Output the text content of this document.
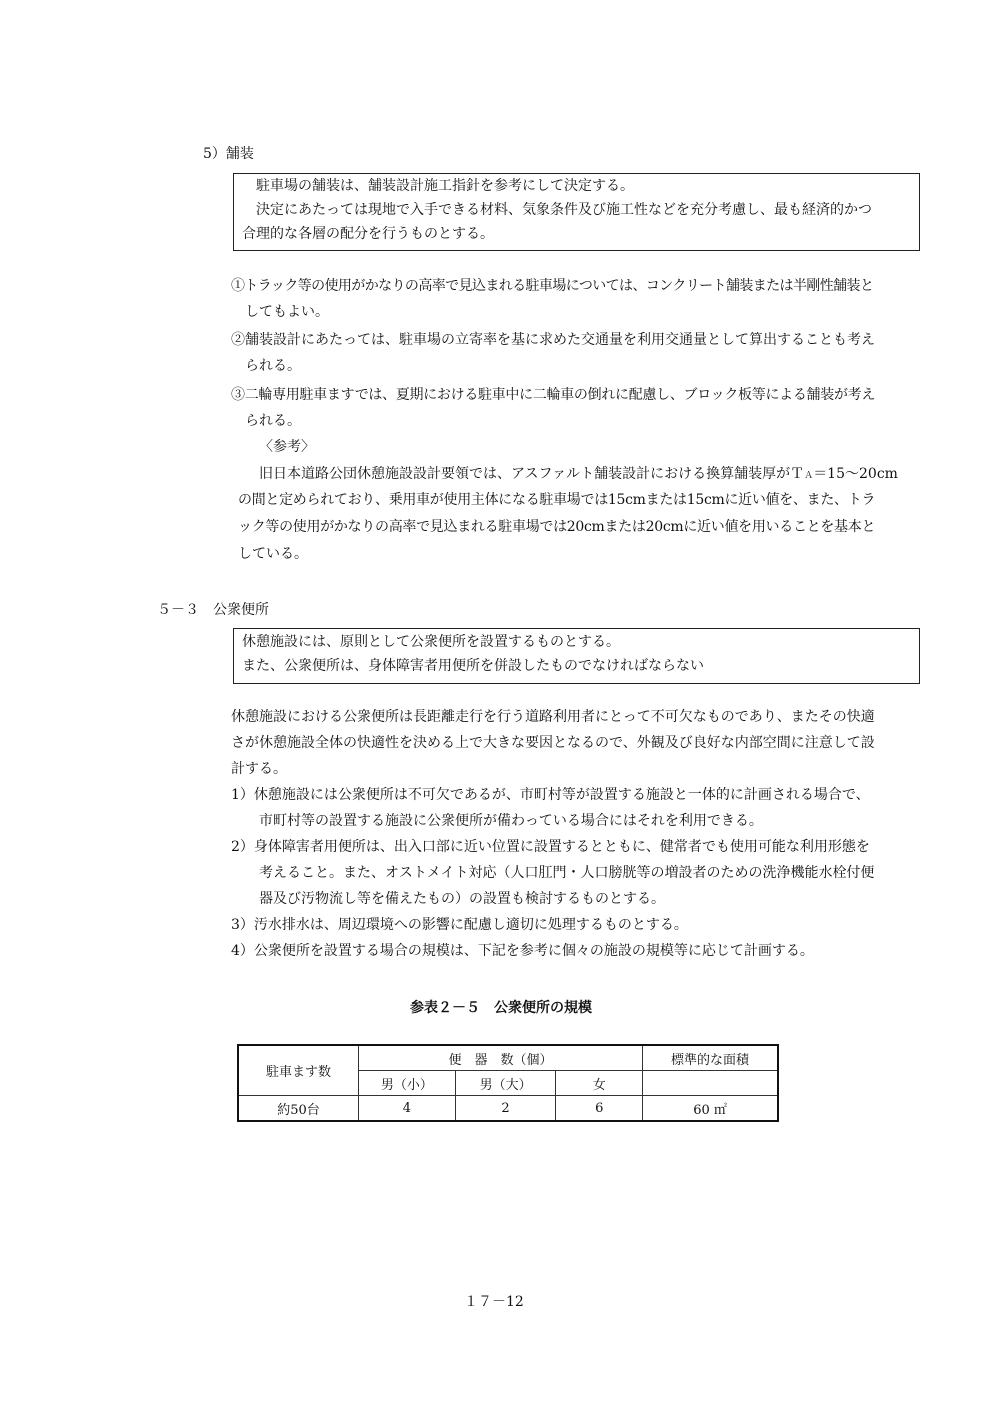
5）舗装
駐車場の舗装は、舗装設計施工指針を参考にして決定する。
決定にあたっては現地で入手できる材料、気象条件及び施工性などを充分考慮し、最も経済的かつ
合理的な各層の配分を行うものとする。
①トラック等の使用がかなりの高率で見込まれる駐車場については、コンクリート舗装または半剛性舗装と
してもよい。
②舗装設計にあたっては、駐車場の立寄率を基に求めた交通量を利用交通量として算出することも考え
られる。
③二輪専用駐車ますでは、夏期における駐車中に二輪車の倒れに配慮し、ブロック板等による舗装が考え
られる。
〈参考〉
旧日本道路公団休憩施設設計要領では、アスファルト舗装設計における換算舗装厚がＴＡ＝15〜20cm
の間と定められており、乗用車が使用主体になる駐車場では15cmまたは15cmに近い値を、また、トラ
ック等の使用がかなりの高率で見込まれる駐車場では20cmまたは20cmに近い値を用いることを基本と
している。
５－３　公衆便所
休憩施設には、原則として公衆便所を設置するものとする。
また、公衆便所は、身体障害者用便所を併設したものでなければならない
休憩施設における公衆便所は長距離走行を行う道路利用者にとって不可欠なものであり、またその快適
さが休憩施設全体の快適性を決める上で大きな要因となるので、外観及び良好な内部空間に注意して設
計する。
1）休憩施設には公衆便所は不可欠であるが、市町村等が設置する施設と一体的に計画される場合で、
市町村等の設置する施設に公衆便所が備わっている場合にはそれを利用できる。
2）身体障害者用便所は、出入口部に近い位置に設置するとともに、健常者でも使用可能な利用形態を
考えること。また、オストメイト対応（人口肛門・人口膀胱等の増設者のための洗浄機能水栓付便
器及び汚物流し等を備えたもの）の設置も検討するものとする。
3）汚水排水は、周辺環境への影響に配慮し適切に処理するものとする。
4）公衆便所を設置する場合の規模は、下記を参考に個々の施設の規模等に応じて計画する。
参表２－５　公衆便所の規模
駐車ます数	便　器　数（個）			標準的な面積
	男（小）	男（大）	女	
約50台	4	2	6	60 ㎡
１７－12
